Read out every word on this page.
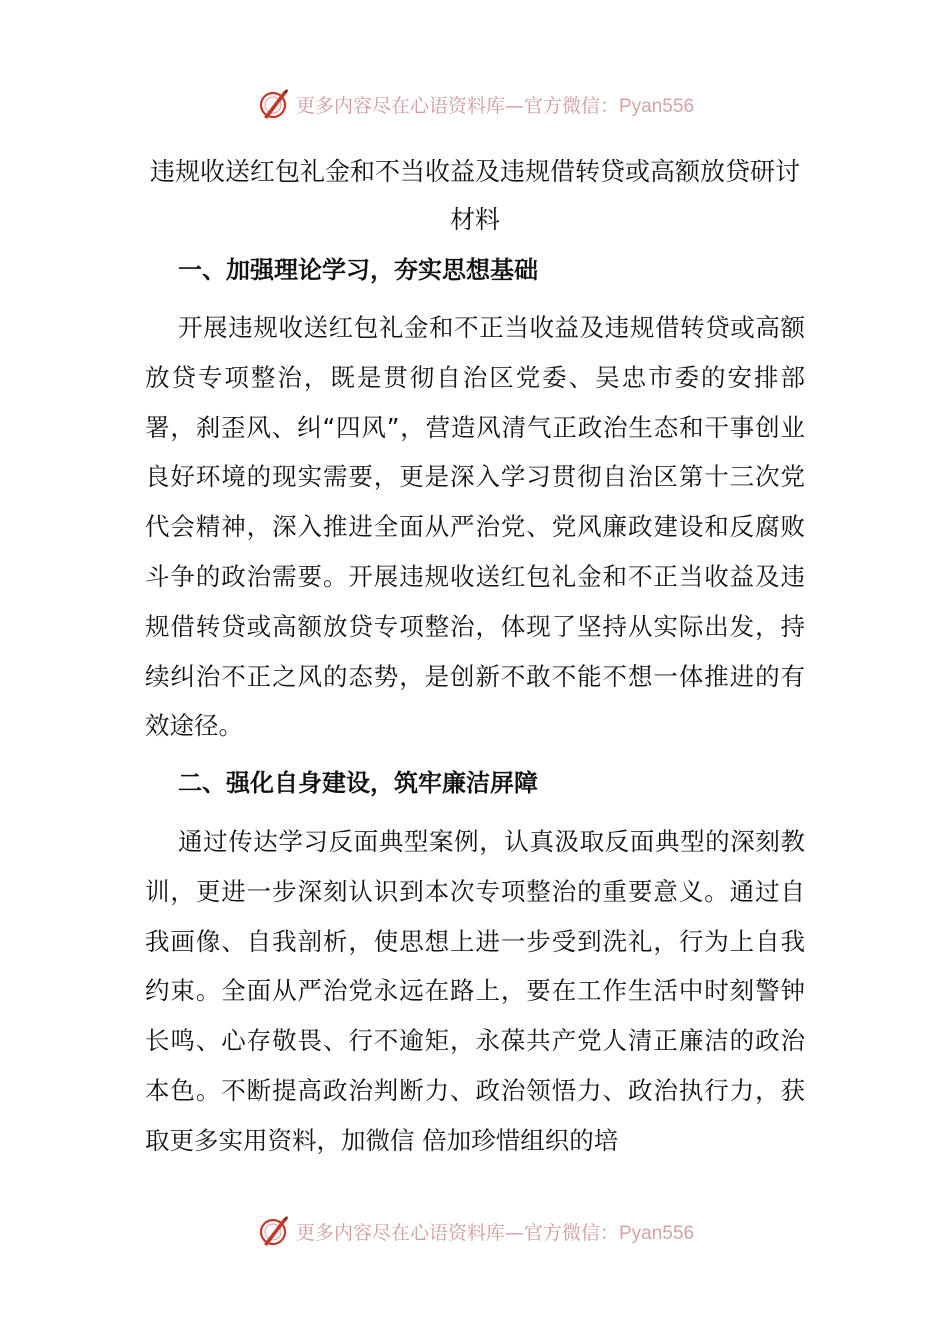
更多内容尽在心语资料库—官方微信：Pyan556
违规收送红包礼金和不当收益及违规借转贷或高额放贷研讨材料
一、加强理论学习，夯实思想基础

开展违规收送红包礼金和不正当收益及违规借转贷或高额放贷专项整治，既是贯彻自治区党委、吴忠市委的安排部署，刹歪风、纠“四风”，营造风清气正政治生态和干事创业良好环境的现实需要，更是深入学习贯彻自治区第十三次党代会精神，深入推进全面从严治党、党风廉政建设和反腐败斗争的政治需要。开展违规收送红包礼金和不正当收益及违规借转贷或高额放贷专项整治，体现了坚持从实际出发，持续纠治不正之风的态势，是创新不敢不能不想一体推进的有效途径。

二、强化自身建设，筑牢廉洁屏障

通过传达学习反面典型案例，认真汲取反面典型的深刻教训，更进一步深刻认识到本次专项整治的重要意义。通过自我画像、自我剖析，使思想上进一步受到洗礼，行为上自我约束。全面从严治党永远在路上，要在工作生活中时刻警钟长鸣、心存敬畏、行不逾矩，永葆共产党人清正廉洁的政治本色。不断提高政治判断力、政治领悟力、政治执行力，获取更多实用资料，加微信 倍加珍惜组织的培

更多内容尽在心语资料库—官方微信：Pyan556
